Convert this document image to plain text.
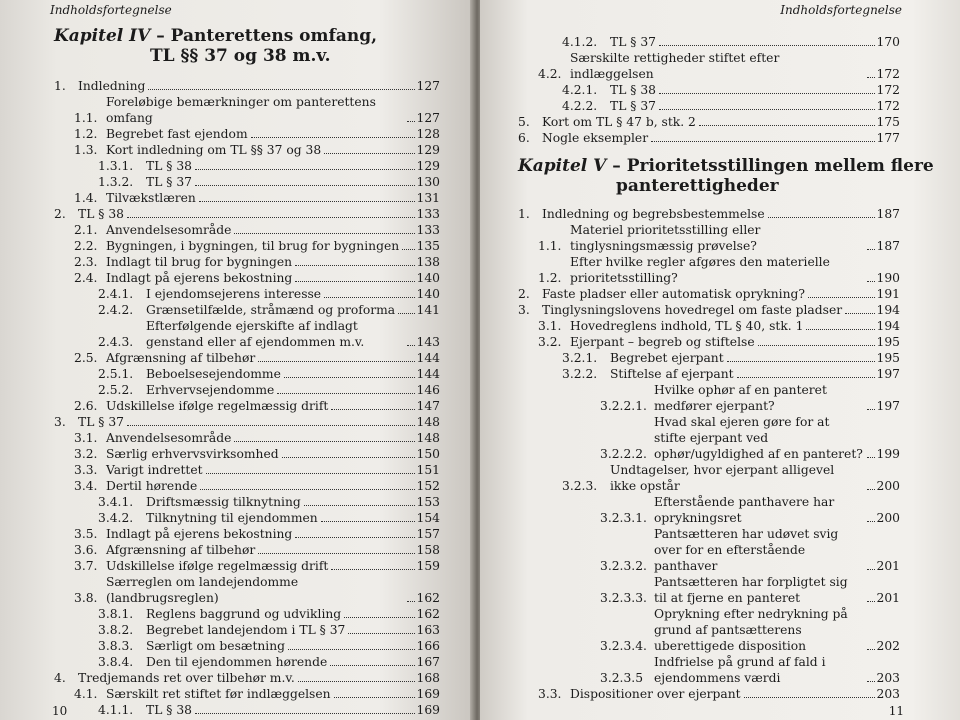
Indholdsfortegnelse
Kapitel IV – Panterettens omfang,
TL §§ 37 og 38 m.v.
1. Indledning	127
1.1.
Foreløbige bemærkninger om panterettens omfang	127
1.2. Begrebet fast ejendom	128
1.3. Kort indledning om TL §§ 37 og 38	129
1.3.1.	TL § 38	129
1.3.2.	TL § 37	130
1.4. Tilvækstlæren	131
2. TL § 38	133
2.1. Anvendelsesområde	133
2.2. Bygningen, i bygningen, til brug for bygningen 135
2.3. Indlagt til brug for bygningen	138
2.4. Indlagt på ejerens bekostning	140
2.4.1.	I ejendomsejerens interesse	140
2.4.2.	Grænsetilfælde, stråmænd og proforma 141
2.4.3.
Efterfølgende ejerskifte af indlagt genstand eller af ejendommen m.v.	143
2.5. Afgrænsning af tilbehør	144
2.5.1.	Beboelsesejendomme	144
2.5.2.	Erhvervsejendomme	146
2.6. Udskillelse ifølge regelmæssig drift	147
3. TL § 37	148
3.1. Anvendelsesområde	148
3.2. Særlig erhvervsvirksomhed	150
3.3. Varigt indrettet	151
3.4. Dertil hørende	152
3.4.1.	Driftsmæssig tilknytning	153
3.4.2.	Tilknytning til ejendommen	154
3.5. Indlagt på ejerens bekostning	157
3.6. Afgrænsning af tilbehør	158
3.7. Udskillelse ifølge regelmæssig drift	159
3.8.
Særreglen om landejendomme (landbrugsreglen)	162
3.8.1.	Reglens baggrund og udvikling	162
3.8.2.	Begrebet landejendom i TL § 37	163
3.8.3.	Særligt om besætning	166
3.8.4.	Den til ejendommen hørende	167
4. Tredjemands ret over tilbehør m.v.	168
4.1. Særskilt ret stiftet før indlæggelsen	169
4.1.1.	TL § 38	169
10
Indholdsfortegnelse
4.1.2.	TL § 37	170
4.2.
Særskilte rettigheder stiftet efter indlæggelsen	172
4.2.1.	TL § 38	172
4.2.2.	TL § 37	172
5. Kort om TL § 47 b, stk. 2	175
6. Nogle eksempler	177
Kapitel V – Prioritetsstillingen mellem flere
panterettigheder
1. Indledning og begrebsbestemmelse	187
1.1.
Materiel prioritetsstilling eller tinglysningsmæssig prøvelse?	187
1.2.
Efter hvilke regler afgøres den materielle prioritetsstilling?	190
2. Faste pladser eller automatisk oprykning?	191
3. Tinglysningslovens hovedregel om faste pladser	194
3.1. Hovedreglens indhold, TL § 40, stk. 1	194
3.2. Ejerpant – begreb og stiftelse	195
3.2.1.	Begrebet ejerpant	195
3.2.2.	Stiftelse af ejerpant	197
3.2.2.1.
Hvilke ophør af en panteret medfører ejerpant?	197
3.2.2.2.
Hvad skal ejeren gøre for at stifte ejerpant ved ophør/ugyldighed af en panteret? 199
3.2.3.
Undtagelser, hvor ejerpant alligevel ikke opstår	200
3.2.3.1.
Efterstående panthavere har oprykningsret	200
3.2.3.2.
Pantsætteren har udøvet svig over for en efterstående panthaver	201
3.2.3.3.
Pantsætteren har forpligtet sig til at fjerne en panteret	201
3.2.3.4.
Oprykning efter nedrykning på grund af pantsætterens uberettigede disposition	202
3.2.3.5
Indfrielse på grund af fald i ejendommens værdi	203
3.3. Dispositioner over ejerpant	203
11
